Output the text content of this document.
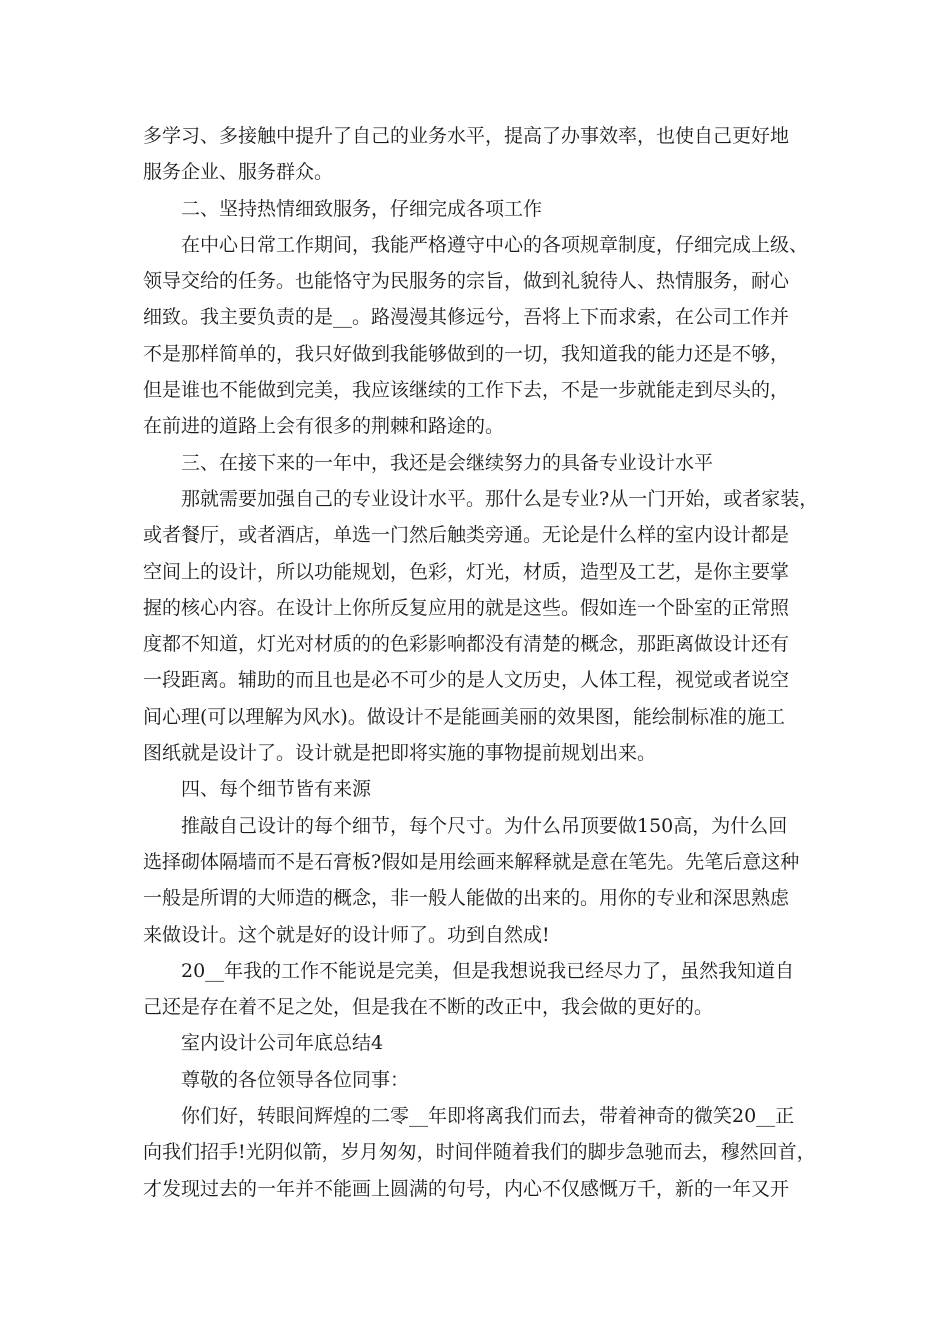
多学习、多接触中提升了自己的业务水平，提高了办事效率，也使自己更好地
服务企业、服务群众。
二、坚持热情细致服务，仔细完成各项工作
在中心日常工作期间，我能严格遵守中心的各项规章制度，仔细完成上级、
领导交给的任务。也能恪守为民服务的宗旨，做到礼貌待人、热情服务，耐心
细致。我主要负责的是__。路漫漫其修远兮，吾将上下而求索，在公司工作并
不是那样简单的，我只好做到我能够做到的一切，我知道我的能力还是不够，
但是谁也不能做到完美，我应该继续的工作下去，不是一步就能走到尽头的，
在前进的道路上会有很多的荆棘和路途的。
三、在接下来的一年中，我还是会继续努力的具备专业设计水平
那就需要加强自己的专业设计水平。那什么是专业?从一门开始，或者家装，
或者餐厅，或者酒店，单选一门然后触类旁通。无论是什么样的室内设计都是
空间上的设计，所以功能规划，色彩，灯光，材质，造型及工艺，是你主要掌
握的核心内容。在设计上你所反复应用的就是这些。假如连一个卧室的正常照
度都不知道，灯光对材质的的色彩影响都没有清楚的概念，那距离做设计还有
一段距离。辅助的而且也是必不可少的是人文历史，人体工程，视觉或者说空
间心理(可以理解为风水)。做设计不是能画美丽的效果图，能绘制标准的施工
图纸就是设计了。设计就是把即将实施的事物提前规划出来。
四、每个细节皆有来源
推敲自己设计的每个细节，每个尺寸。为什么吊顶要做150高，为什么回
选择砌体隔墙而不是石膏板?假如是用绘画来解释就是意在笔先。先笔后意这种
一般是所谓的大师造的概念，非一般人能做的出来的。用你的专业和深思熟虑
来做设计。这个就是好的设计师了。功到自然成!
20__年我的工作不能说是完美，但是我想说我已经尽力了，虽然我知道自
己还是存在着不足之处，但是我在不断的改正中，我会做的更好的。
室内设计公司年底总结4
尊敬的各位领导各位同事：
你们好，转眼间辉煌的二零__年即将离我们而去，带着神奇的微笑20__正
向我们招手!光阴似箭，岁月匆匆，时间伴随着我们的脚步急驰而去，穆然回首，
才发现过去的一年并不能画上圆满的句号，内心不仅感慨万千，新的一年又开
